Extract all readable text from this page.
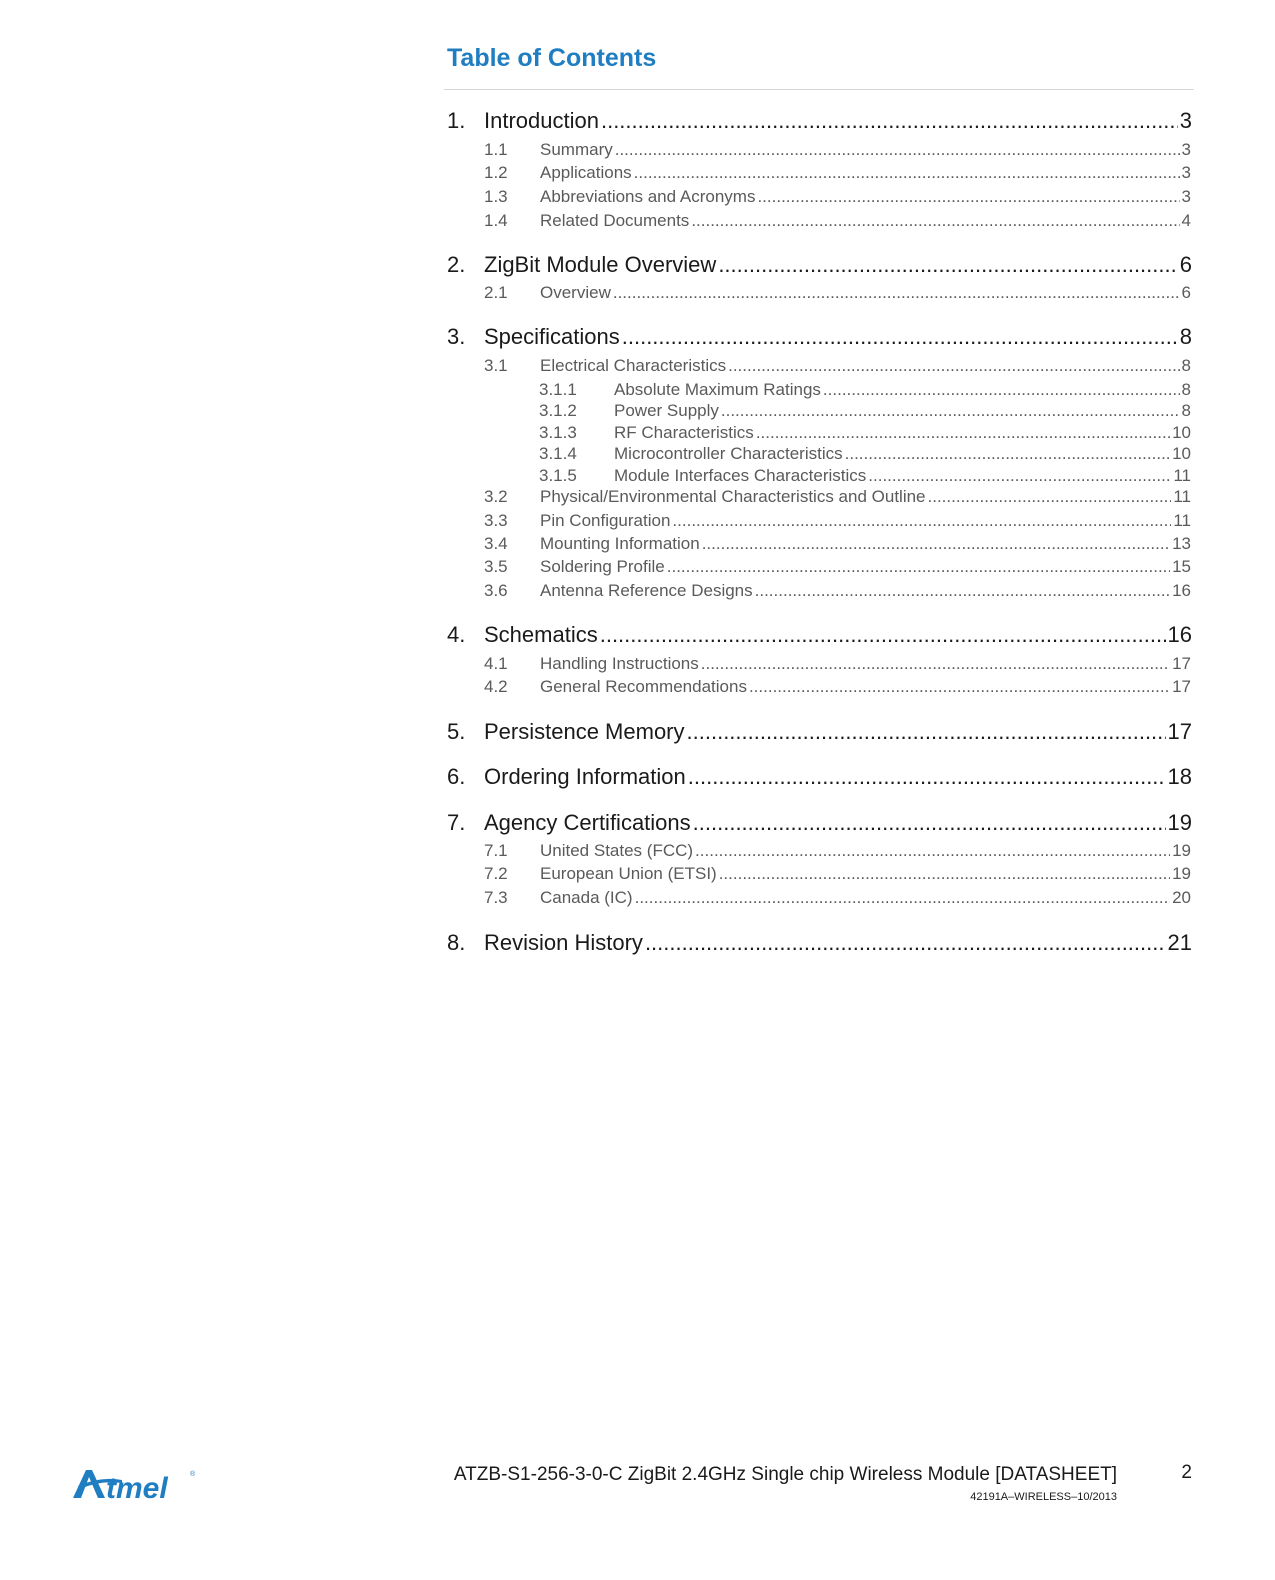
Table of Contents
1. Introduction .....	3
1.1	Summary .....	3
1.2	Applications .....	3
1.3	Abbreviations and Acronyms .....	3
1.4	Related Documents .....	4
2. ZigBit Module Overview .....	6
2.1	Overview .....	6
3. Specifications .....	8
3.1	Electrical Characteristics .....	8
3.1.1	Absolute Maximum Ratings .....	8
3.1.2	Power Supply .....	8
3.1.3	RF Characteristics .....	10
3.1.4	Microcontroller Characteristics .....	10
3.1.5	Module Interfaces Characteristics .....	11
3.2	Physical/Environmental Characteristics and Outline .....	11
3.3	Pin Configuration .....	11
3.4	Mounting Information .....	13
3.5	Soldering Profile .....	15
3.6	Antenna Reference Designs .....	16
4. Schematics .....	16
4.1	Handling Instructions .....	17
4.2	General Recommendations .....	17
5. Persistence Memory .....	17
6. Ordering Information .....	18
7. Agency Certifications .....	19
7.1	United States (FCC) .....	19
7.2	European Union (ETSI) .....	19
7.3	Canada (IC) .....	20
8. Revision History .....	21
tmel	®	ATZB-S1-256-3-0-C ZigBit 2.4GHz Single chip Wireless Module [DATASHEET]
42191A–WIRELESS–10/2013
2
